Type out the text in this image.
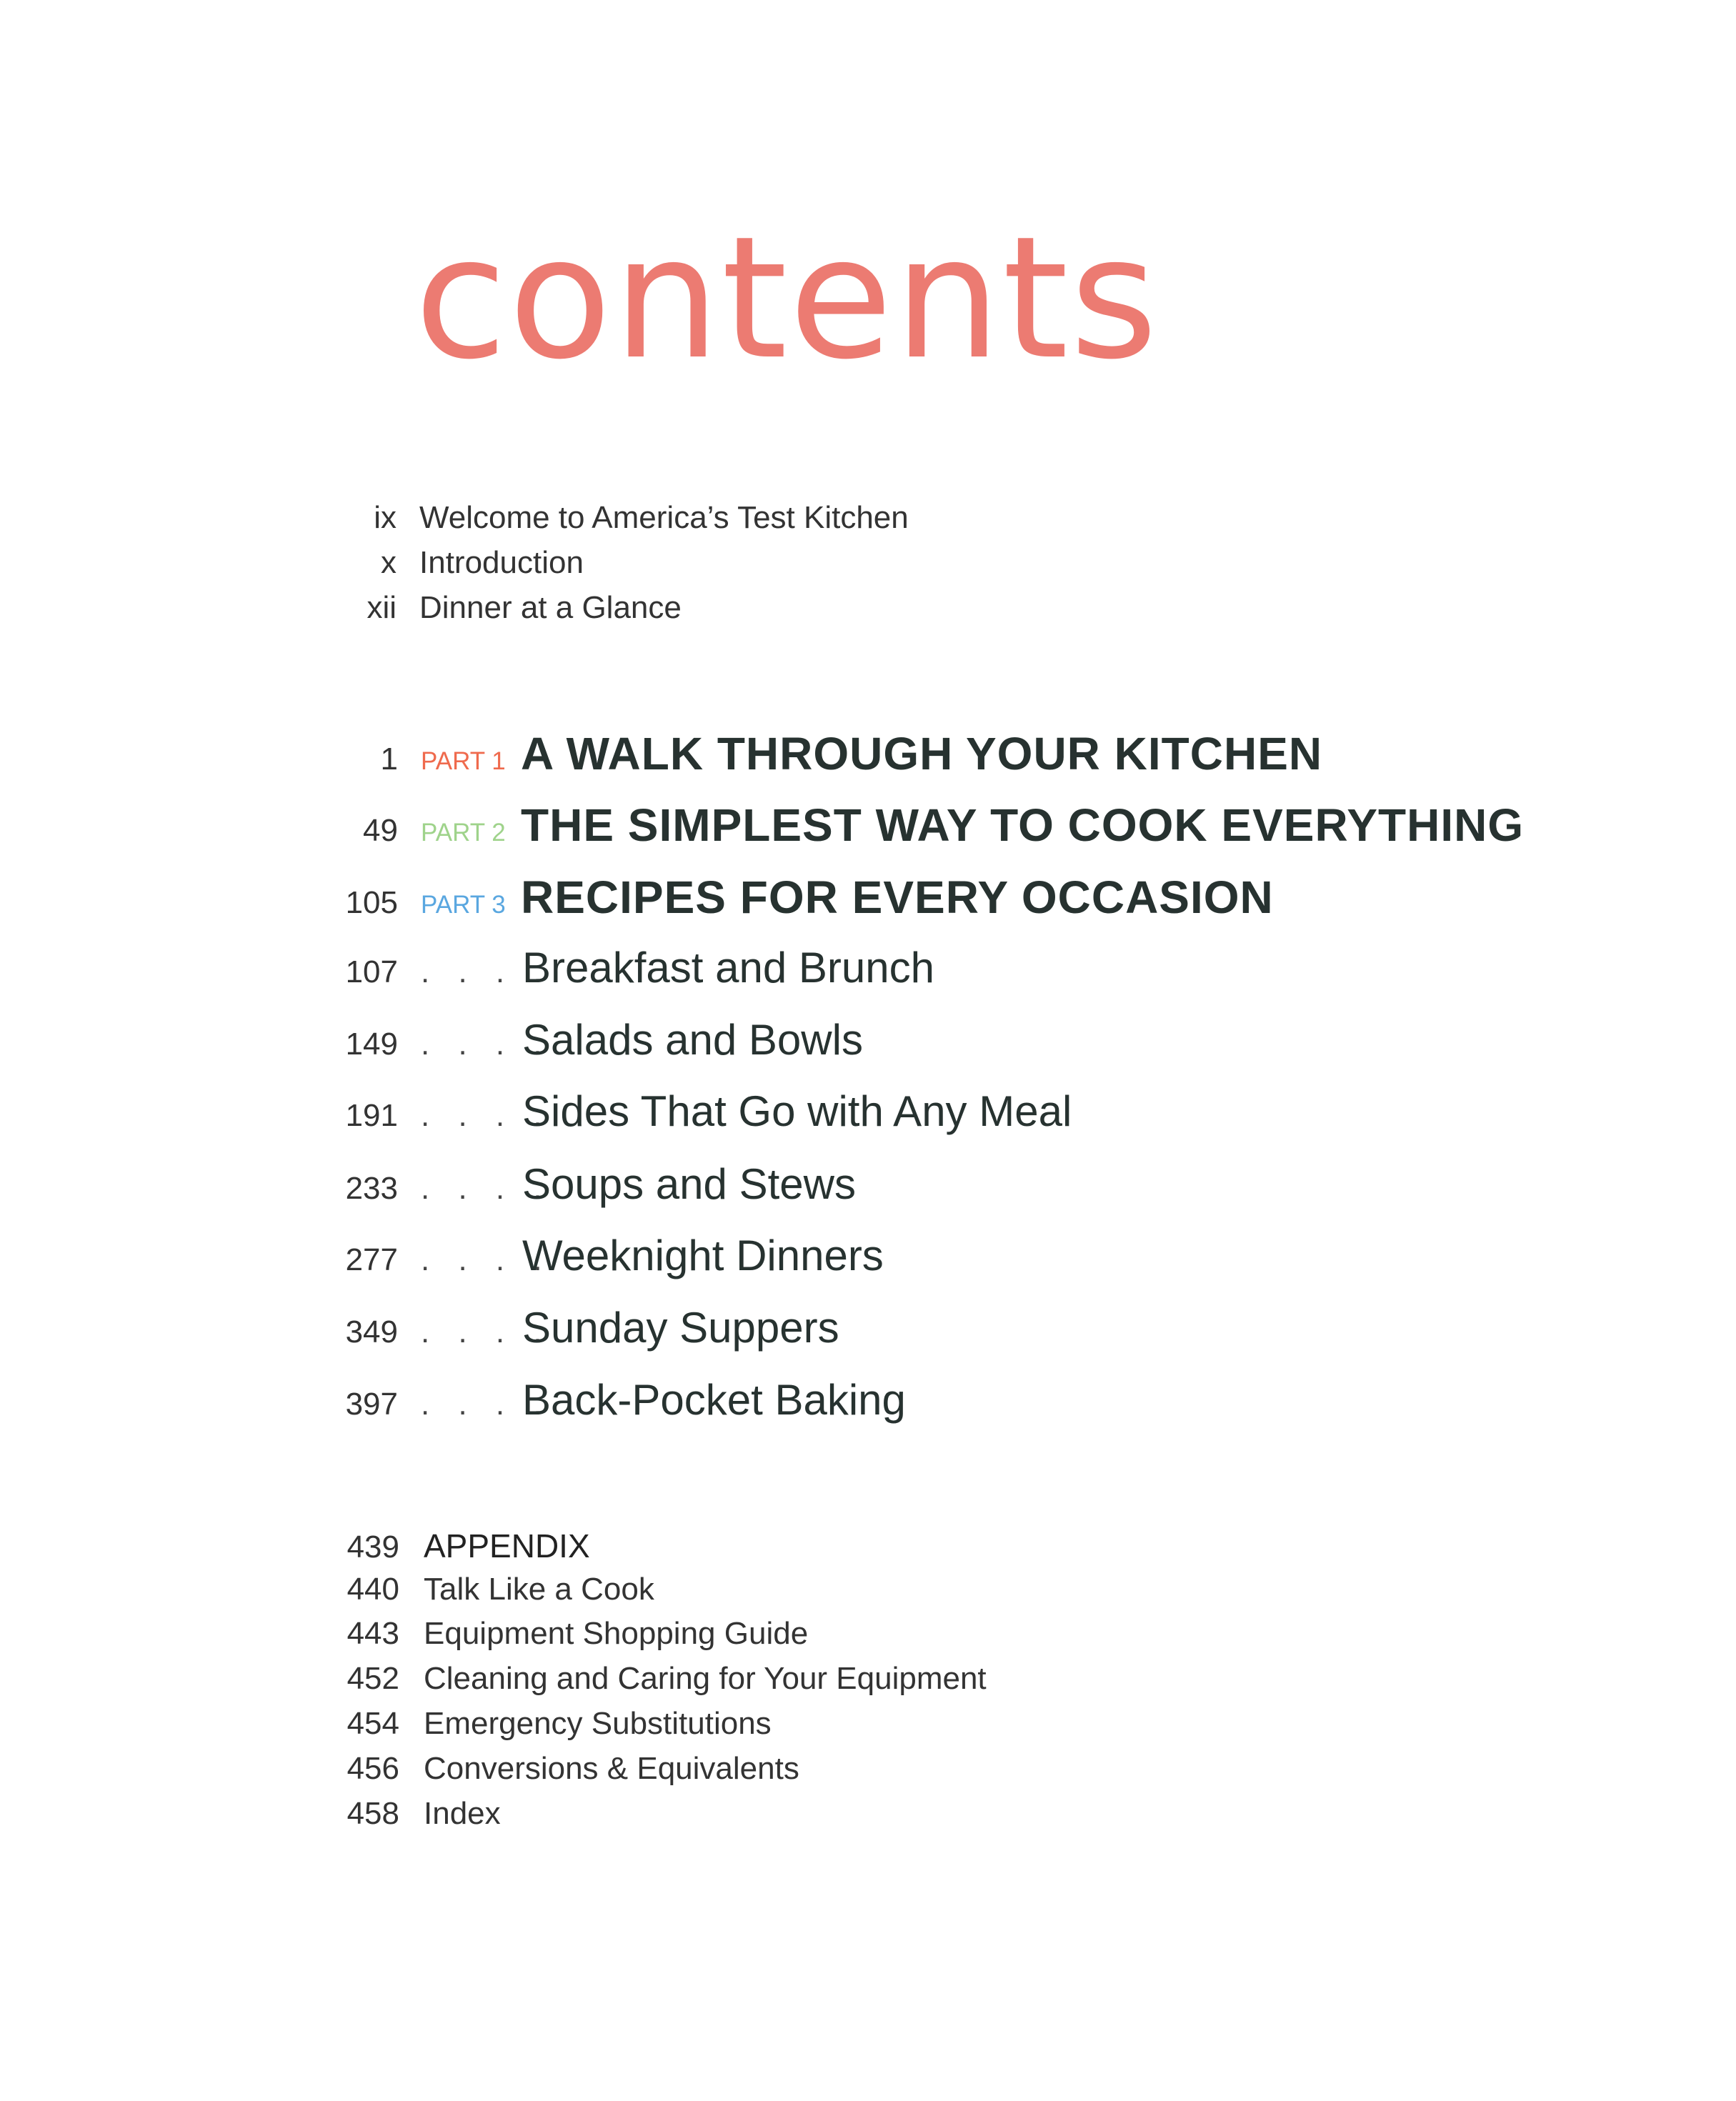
contents
ix Welcome to America’s Test Kitchen
x Introduction
xii Dinner at a Glance
1 PART 1 A WALK THROUGH YOUR KITCHEN
49 PART 2 THE SIMPLEST WAY TO COOK EVERYTHING
105 PART 3 RECIPES FOR EVERY OCCASION
107 . . . .
Breakfast and Brunch
149 . . . .
Salads and Bowls
191 . . . .
Sides That Go with Any Meal
233 . . . .
Soups and Stews
277 . . . .
Weeknight Dinners
349 . . . .
Sunday Suppers
397 . . . .
Back-Pocket Baking
439 APPENDIX
440 Talk Like a Cook
443 Equipment Shopping Guide
452 Cleaning and Caring for Your Equipment
454 Emergency Substitutions
456 Conversions & Equivalents
458 Index
